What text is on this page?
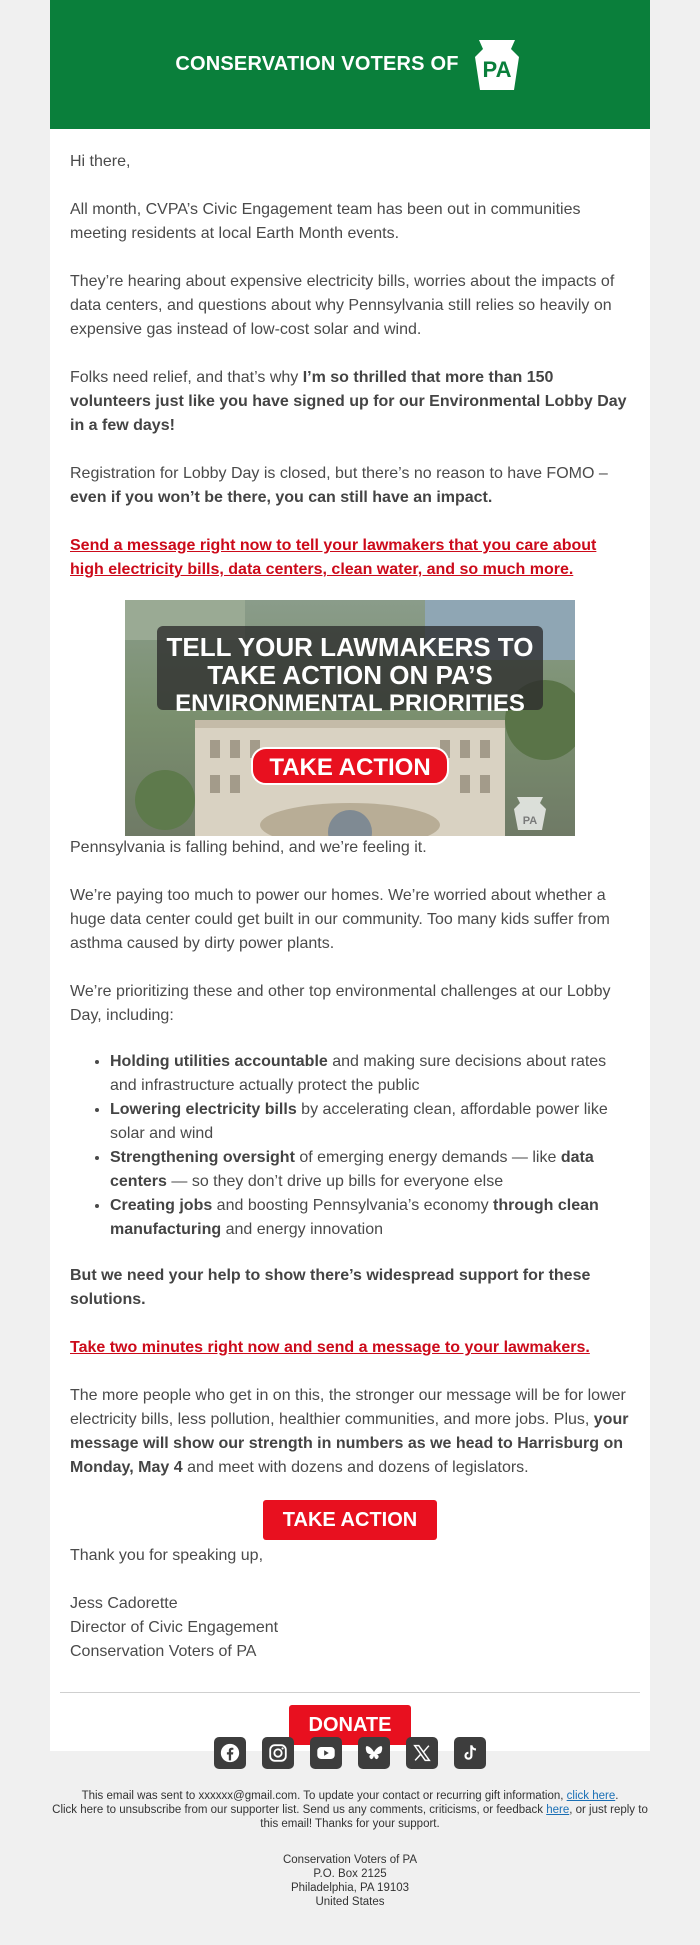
CONSERVATION VOTERS OF PA

Hi there,

All month, CVPA’s Civic Engagement team has been out in communities meeting residents at local Earth Month events.

They’re hearing about expensive electricity bills, worries about the impacts of data centers, and questions about why Pennsylvania still relies so heavily on expensive gas instead of low-cost solar and wind.

Folks need relief, and that’s why I’m so thrilled that more than 150 volunteers just like you have signed up for our Environmental Lobby Day in a few days!

Registration for Lobby Day is closed, but there’s no reason to have FOMO – even if you won’t be there, you can still have an impact.

Send a message right now to tell your lawmakers that you care about high electricity bills, data centers, clean water, and so much more.

TELL YOUR LAWMAKERS TO
TAKE ACTION ON PA’S
ENVIRONMENTAL PRIORITIES
TAKE ACTION
PA

Pennsylvania is falling behind, and we’re feeling it.

We’re paying too much to power our homes. We’re worried about whether a huge data center could get built in our community. Too many kids suffer from asthma caused by dirty power plants.

We’re prioritizing these and other top environmental challenges at our Lobby Day, including:

• Holding utilities accountable and making sure decisions about rates and infrastructure actually protect the public
• Lowering electricity bills by accelerating clean, affordable power like solar and wind
• Strengthening oversight of emerging energy demands — like data centers — so they don’t drive up bills for everyone else
• Creating jobs and boosting Pennsylvania’s economy through clean manufacturing and energy innovation

But we need your help to show there’s widespread support for these solutions.

Take two minutes right now and send a message to your lawmakers.

The more people who get in on this, the stronger our message will be for lower electricity bills, less pollution, healthier communities, and more jobs. Plus, your message will show our strength in numbers as we head to Harrisburg on Monday, May 4 and meet with dozens and dozens of legislators.

TAKE ACTION

Thank you for speaking up,

Jess Cadorette

Director of Civic Engagement

Conservation Voters of PA

DONATE
This email was sent to xxxxxx@gmail.com. To update your contact or recurring gift information, click here.
Click here to unsubscribe from our supporter list. Send us any comments, criticisms, or feedback here, or just reply to this email! Thanks for your support.
Conservation Voters of PA
P.O. Box 2125
Philadelphia, PA 19103
United States
